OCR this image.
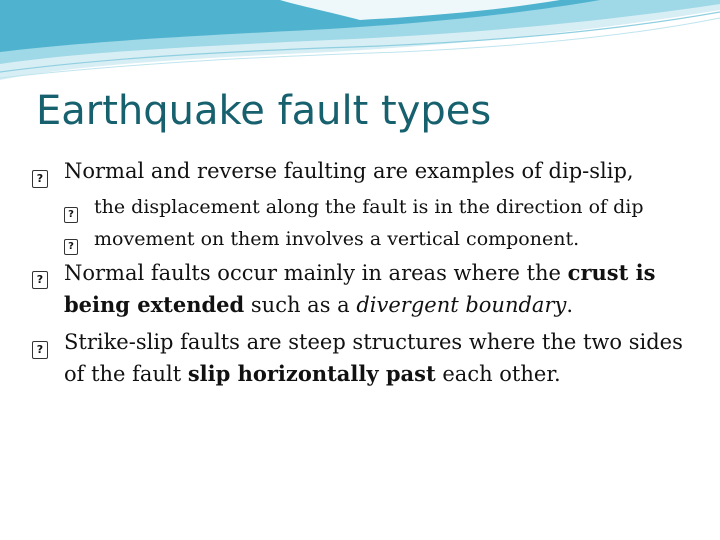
Earthquake fault types
? Normal and reverse faulting are examples of dip-slip,
? the displacement along the fault is in the direction of dip
? movement on them involves a vertical component.
? Normal faults occur mainly in areas where the crust is being extended such as a divergent boundary.
? Strike-slip faults are steep structures where the two sides of the fault slip horizontally past each other.
